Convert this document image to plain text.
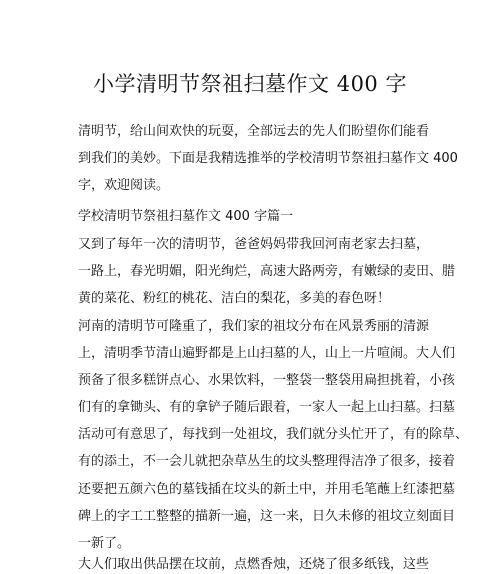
小学清明节祭祖扫墓作文 400 字
清明节，给山间欢快的玩耍，全部远去的先人们盼望你们能看
到我们的美妙。下面是我精选推举的学校清明节祭祖扫墓作文 400
字，欢迎阅读。
学校清明节祭祖扫墓作文 400 字篇一
又到了每年一次的清明节，爸爸妈妈带我回河南老家去扫墓，
一路上，春光明媚，阳光绚烂，高速大路两旁，有嫩绿的麦田、腊
黄的菜花、粉红的桃花、洁白的梨花，多美的春色呀！
河南的清明节可隆重了，我们家的祖坟分布在风景秀丽的清源
上，清明季节清山遍野都是上山扫墓的人，山上一片喧闹。大人们
预备了很多糕饼点心、水果饮料，一整袋一整袋用扁担挑着，小孩
们有的拿锄头、有的拿铲子随后跟着，一家人一起上山扫墓。扫墓
活动可有意思了，每找到一处祖坟，我们就分头忙开了，有的除草、
有的添土，不一会儿就把杂草丛生的坟头整理得洁净了很多，接着
还要把五颜六色的墓钱插在坟头的新土中，并用毛笔蘸上红漆把墓
碑上的字工工整整的描新一遍，这一来，日久未修的祖坟立刻面目
一新了。
大人们取出供品摆在坟前，点燃香烛，还烧了很多纸钱，这些
